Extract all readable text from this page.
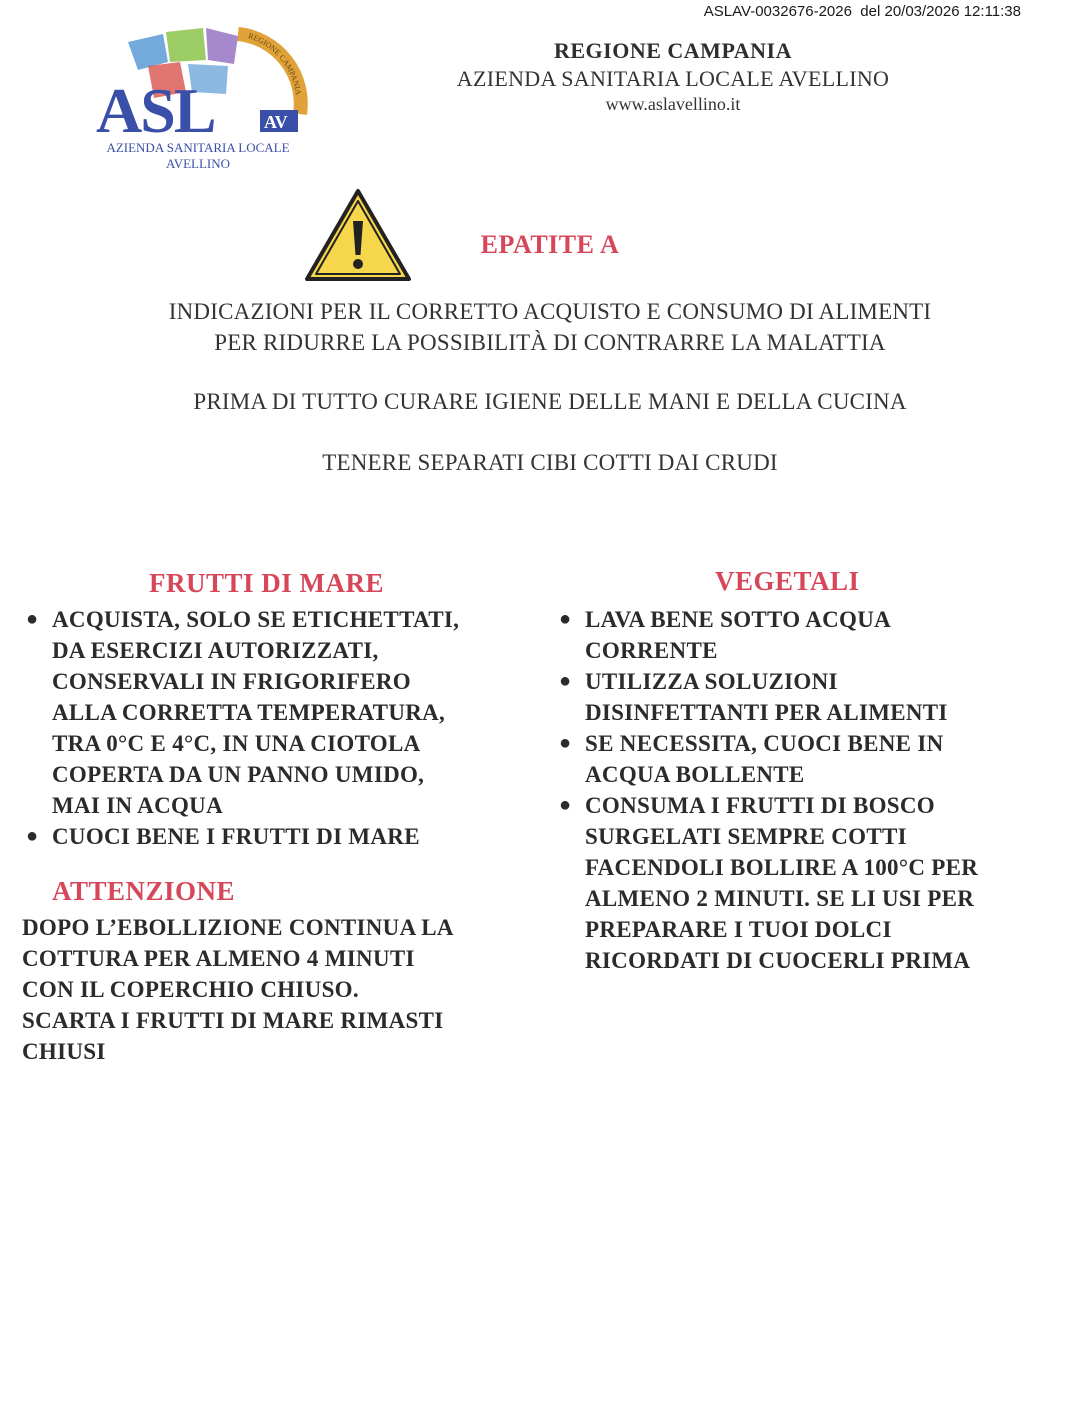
ASLAV-0032676-2026  del 20/03/2026 12:11:38
REGIONE CAMPANIA
ASL	AV
AZIENDA SANITARIA LOCALE
AVELLINO
REGIONE CAMPANIA
AZIENDA SANITARIA LOCALE AVELLINO
www.aslavellino.it
EPATITE A
INDICAZIONI PER IL CORRETTO ACQUISTO E CONSUMO DI ALIMENTI
PER RIDURRE LA POSSIBILITÀ DI CONTRARRE LA MALATTIA
PRIMA DI TUTTO CURARE IGIENE DELLE MANI E DELLA CUCINA
TENERE SEPARATI CIBI COTTI DAI CRUDI
FRUTTI DI MARE
● ACQUISTA, SOLO SE ETICHETTATI,
DA ESERCIZI AUTORIZZATI,
CONSERVALI IN FRIGORIFERO
ALLA CORRETTA TEMPERATURA,
TRA 0°C E 4°C, IN UNA CIOTOLA
COPERTA DA UN PANNO UMIDO,
MAI IN ACQUA
● CUOCI BENE I FRUTTI DI MARE
ATTENZIONE
DOPO L’EBOLLIZIONE CONTINUA LA
COTTURA PER ALMENO 4 MINUTI
CON IL COPERCHIO CHIUSO.
SCARTA I FRUTTI DI MARE RIMASTI
CHIUSI
VEGETALI
● LAVA BENE SOTTO ACQUA
CORRENTE
● UTILIZZA SOLUZIONI
DISINFETTANTI PER ALIMENTI
● SE NECESSITA, CUOCI BENE IN
ACQUA BOLLENTE
● CONSUMA I FRUTTI DI BOSCO
SURGELATI SEMPRE COTTI
FACENDOLI BOLLIRE A 100°C PER
ALMENO 2 MINUTI. SE LI USI PER
PREPARARE I TUOI DOLCI
RICORDATI DI CUOCERLI PRIMA
